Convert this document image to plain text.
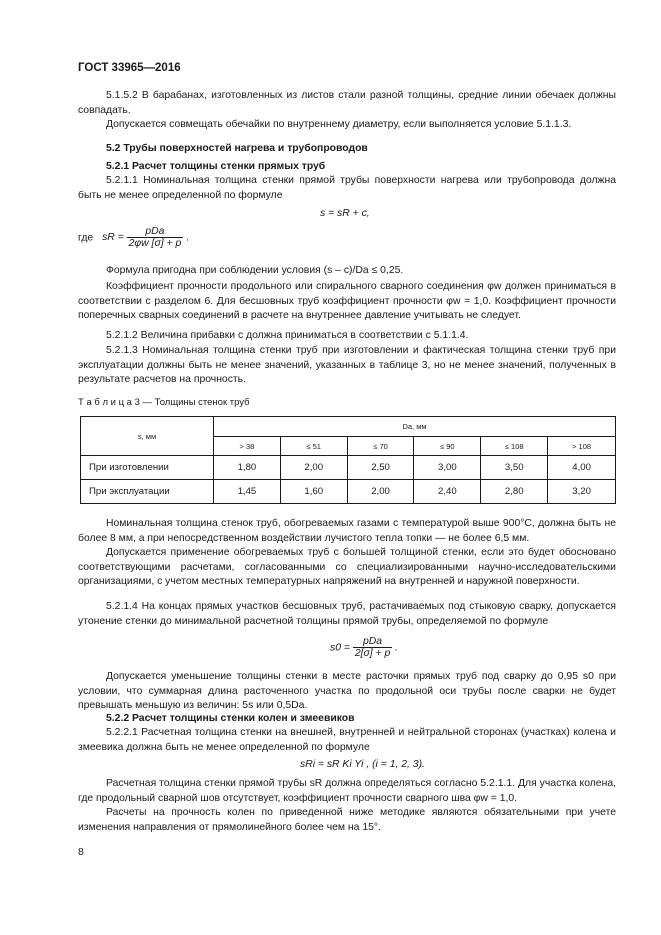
ГОСТ 33965—2016
5.1.5.2 В барабанах, изготовленных из листов стали разной толщины, средние линии обечаек должны совпадать.
Допускается совмещать обечайки по внутреннему диаметру, если выполняется условие 5.1.1.3.
5.2 Трубы поверхностей нагрева и трубопроводов
5.2.1 Расчет толщины стенки прямых труб
5.2.1.1 Номинальная толщина стенки прямой трубы поверхности нагрева или трубопровода должна быть не менее определенной по формуле
s = sR + c,
где sR = $\frac{\text{pDa}}{2\varphi w [\sigma] + p}$ .
Формула пригодна при соблюдении условия (s – c)/Da ≤ 0,25.
Коэффициент прочности продольного или спирального сварного соединения φw должен приниматься в соответствии с разделом 6. Для бесшовных труб коэффициент прочности φw = 1,0. Коэффициент прочности поперечных сварных соединений в расчете на внутреннее давление учитывать не следует.
5.2.1.2 Величина прибавки c должна приниматься в соответствии с 5.1.1.4.
5.2.1.3 Номинальная толщина стенки труб при изготовлении и фактическая толщина стенки труб при эксплуатации должны быть не менее значений, указанных в таблице 3, но не менее значений, полученных в результате расчетов на прочность.
Т а б л и ц а 3 — Толщины стенок труб
s, мм	Da, мм					
	> 38	≤ 51	≤ 70	≤ 90	≤ 108	> 108
При изготовлении	1,80	2,00	2,50	3,00	3,50	4,00
При эксплуатации	1,45	1,60	2,00	2,40	2,80	3,20
Номинальная толщина стенок труб, обогреваемых газами с температурой выше 900°С, должна быть не более 8 мм, а при непосредственном воздействии лучистого тепла топки — не более 6,5 мм.
Допускается применение обогреваемых труб с большей толщиной стенки, если это будет обосновано соответствующими расчетами, согласованными со специализированными научно-исследовательскими организациями, с учетом местных температурных напряжений на внутренней и наружной поверхности.
5.2.1.4 На концах прямых участков бесшовных труб, растачиваемых под стыковую сварку, допускается утонение стенки до минимальной расчетной толщины прямой трубы, определяемой по формуле
$s0 = \frac{\text{pDa}}{2[\sigma] + p}$ .
Допускается уменьшение толщины стенки в месте расточки прямых труб под сварку до 0,95 s0 при условии, что суммарная длина расточенного участка по продольной оси трубы после сварки не будет превышать меньшую из величин: 5s или 0,5Da.
5.2.2 Расчет толщины стенки колен и змеевиков
5.2.2.1 Расчетная толщина стенки на внешней, внутренней и нейтральной сторонах (участках) колена и змеевика должна быть не менее определенной по формуле
sRi = sR Ki Yi , (i = 1, 2, 3).
Расчетная толщина стенки прямой трубы sR должна определяться согласно 5.2.1.1. Для участка колена, где продольный сварной шов отсутствует, коэффициент прочности сварного шва φw = 1,0.
Расчеты на прочность колен по приведенной ниже методике являются обязательными при учете изменения направления от прямолинейного более чем на 15°.
8
